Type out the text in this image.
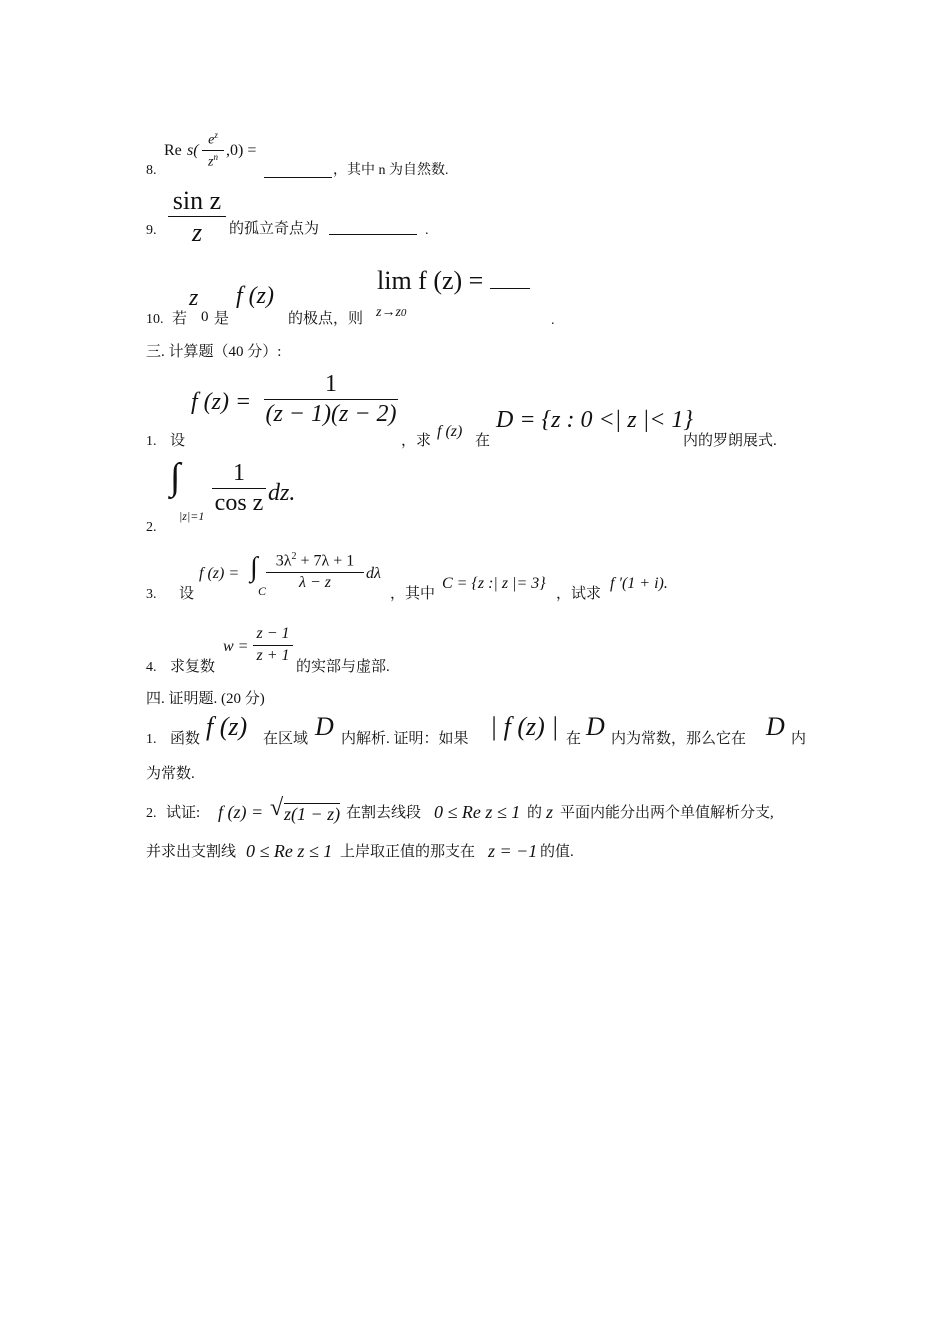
Re s(
$e^z$
$z^n$ ,0) =
8.	，其中 n 为自然数.
sin z
z
9.	的孤立奇点为	.
z f (z)
lim f (z) =
10. 若 0 是	的极点，则 z→z0	.
三. 计算题（40 分）:
f (z) =
1
(z − 1)(z − 2)
1. 设	，求
f (z)
在
D = {z : 0 <| z |< 1}
内的罗朗展式.
∫
|z|=1
1
cos z dz.
2.
f (z) = ∫
C
$3\lambda^2 + 7\lambda + 1$
λ − z
dλ
3. 设	，其中
C = {z :| z |= 3}
，试求
f ′(1 + i).
w =
z − 1
z + 1
4. 求复数	的实部与虚部.
四. 证明题. (20 分)
1. 函数 f (z) 在区域 D 内解析. 证明：如果 | f (z) | 在 D 内为常数，那么它在 D 内
为常数.
2. 试证: f (z) = √ z(1 − z) 在割去线段 0 ≤ Re z ≤ 1 的 z 平面内能分出两个单值解析分支,
并求出支割线 0 ≤ Re z ≤ 1 上岸取正值的那支在 z = −1 的值.
